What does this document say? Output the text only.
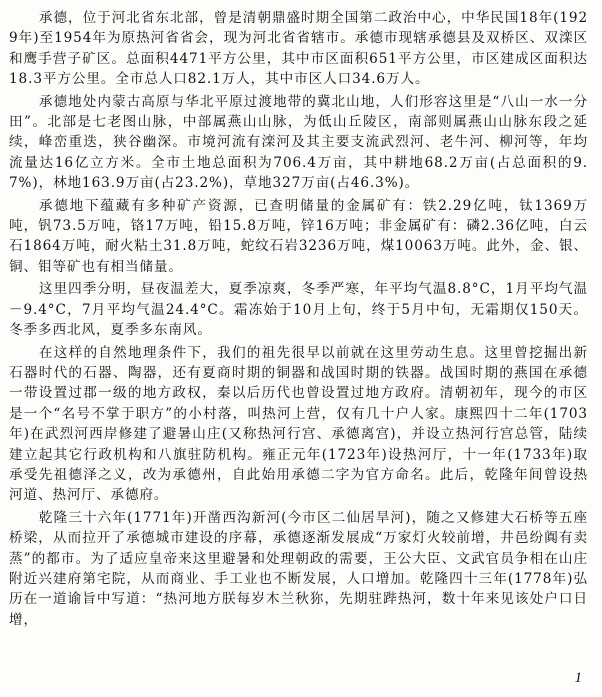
承德，位于河北省东北部，曾是清朝鼎盛时期全国第二政治中心，中华民国18年(1929年)至1954年为原热河省省会，现为河北省省辖市。承德市现辖承德县及双桥区、双滦区和鹰手营子矿区。总面积4471平方公里，其中市区面积651平方公里，市区建成区面积达18.3平方公里。全市总人口82.1万人，其中市区人口34.6万人。

承德地处内蒙古高原与华北平原过渡地带的冀北山地，人们形容这里是“八山一水一分田”。北部是七老图山脉，中部属燕山山脉，为低山丘陵区，南部则属燕山山脉东段之延续，峰峦重迭，狭谷幽深。市境河流有滦河及其主要支流武烈河、老牛河、柳河等，年均流量达16亿立方米。全市土地总面积为706.4万亩，其中耕地68.2万亩(占总面积的9.7%)，林地163.9万亩(占23.2%)，草地327万亩(占46.3%)。

承德地下蕴藏有多种矿产资源，已查明储量的金属矿有：铁2.29亿吨，钛1369万吨，钒73.5万吨，铬17万吨，铅15.8万吨，锌16万吨；非金属矿有：磷2.36亿吨，白云石1864万吨，耐火粘土31.8万吨，蛇纹石岩3236万吨，煤10063万吨。此外，金、银、铜、钼等矿也有相当储量。

这里四季分明，昼夜温差大，夏季凉爽，冬季严寒，年平均气温8.8°C，1月平均气温－9.4°C，7月平均气温24.4°C。霜冻始于10月上旬，终于5月中旬，无霜期仅150天。冬季多西北风，夏季多东南风。

在这样的自然地理条件下，我们的祖先很早以前就在这里劳动生息。这里曾挖掘出新石器时代的石器、陶器，还有夏商时期的铜器和战国时期的铁器。战国时期的燕国在承德一带设置过郡一级的地方政权，秦以后历代也曾设置过地方政府。清朝初年，现今的市区是一个“名号不掌于职方”的小村落，叫热河上营，仅有几十户人家。康熙四十二年(1703年)在武烈河西岸修建了避暑山庄(又称热河行宫、承德离宫)，并设立热河行宫总管，陆续建立起其它行政机构和八旗驻防机构。雍正元年(1723年)设热河厅，十一年(1733年)取承受先祖德泽之义，改为承德州，自此始用承德二字为官方命名。此后，乾隆年间曾设热河道、热河厅、承德府。

乾隆三十六年(1771年)开凿西沟新河(今市区二仙居旱河)，随之又修建大石桥等五座桥梁，从而拉开了承德城市建设的序幕，承德逐渐发展成“万家灯火较前增，井邑纷阗有卖蒸”的都市。为了适应皇帝来这里避暑和处理朝政的需要，王公大臣、文武官员争相在山庄附近兴建府第宅院，从而商业、手工业也不断发展，人口增加。乾隆四十三年(1778年)弘历在一道谕旨中写道：“热河地方朕每岁木兰秋狝，先期驻跸热河，数十年来见该处户口日增，

1
